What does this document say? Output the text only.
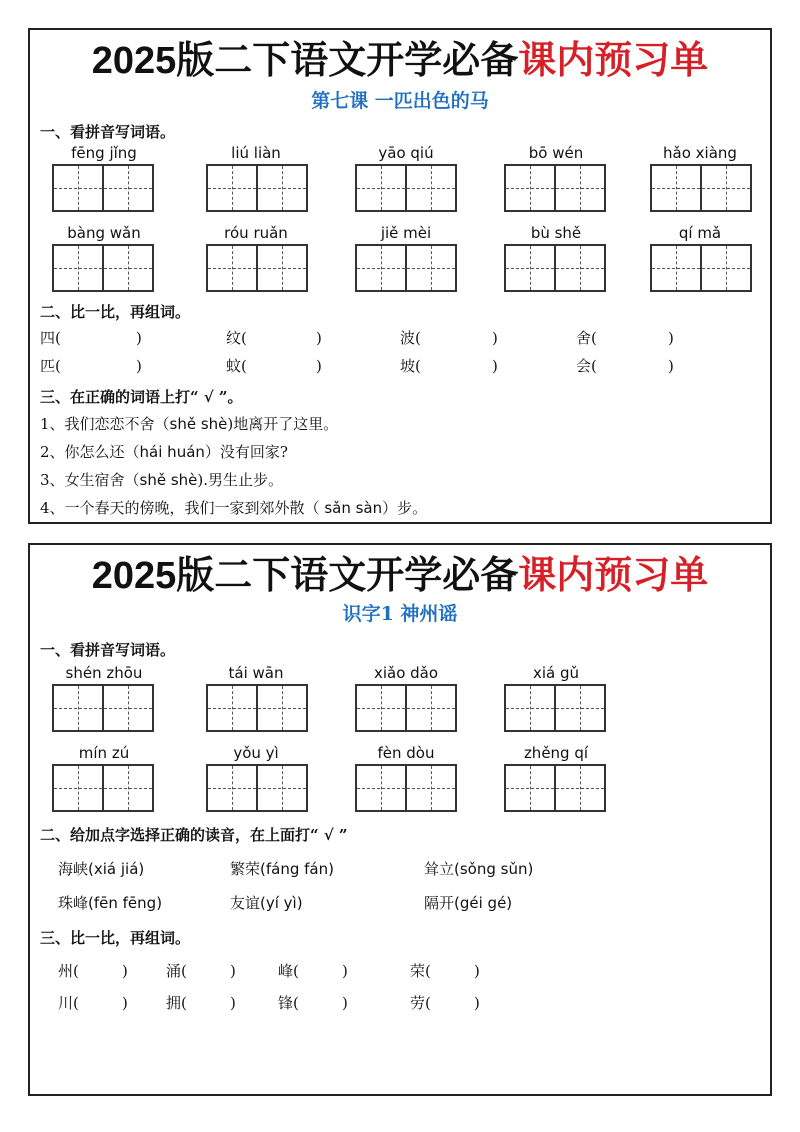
2025版二下语文开学必备课内预习单
第七课 一匹出色的马
一、看拼音写词语。
fēng jǐng	liú liàn	yāo qiú	bō wén	hǎo xiàng
bàng wǎn	róu ruǎn	jiě mèi	bù shě	qí mǎ
二、比一比，再组词。
四(	)	纹(	)	波(	)	舍(	)
匹(	)	蚊(	)	坡(	)	会(	)
三、在正确的词语上打“ √ ”。
1、我们恋恋不舍（shě shè)地离开了这里。
2、你怎么还（hái huán）没有回家?
3、女生宿舍（shě shè).男生止步。
4、一个春天的傍晚，我们一家到郊外散（ sǎn sàn）步。
2025版二下语文开学必备课内预习单
识字1 神州谣
一、看拼音写词语。
shén zhōu	tái wān	xiǎo dǎo	xiá gǔ
mín zú	yǒu yì	fèn dòu	zhěng qí
二、给加点字选择正确的读音，在上面打“ √ ”
海峡(xiá jiá)	繁荣(fáng fán)	耸立(sǒng sǔn)
珠峰(fēn fēng)	友谊(yí yì)	隔开(géi gé)
三、比一比，再组词。
州(	)	涌(	)	峰(	)	荣(	)
川(	)	拥(	)	锋(	)	劳(	)
